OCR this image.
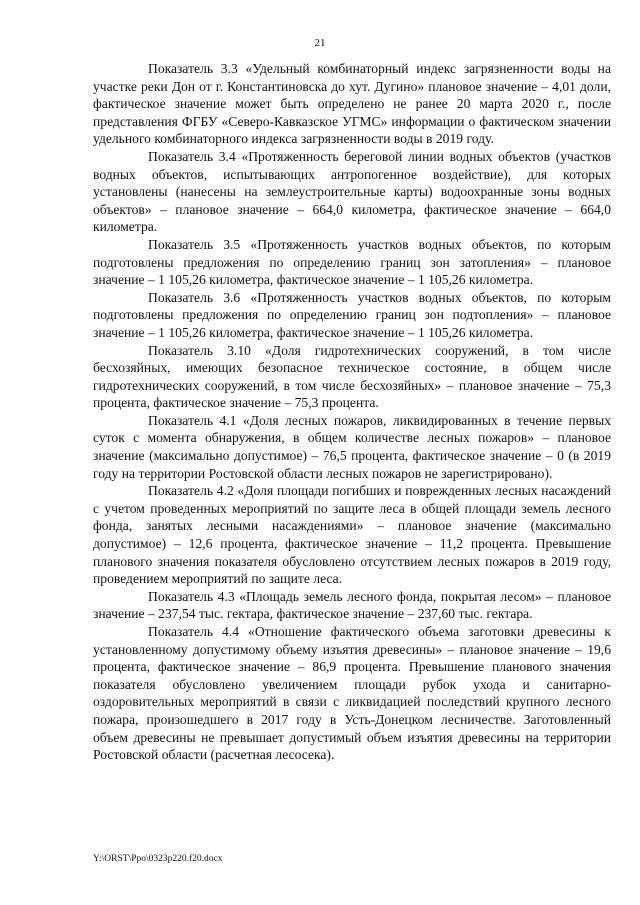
21

Показатель 3.3 «Удельный комбинаторный индекс загрязненности воды на участке реки Дон от г. Константиновска до хут. Дугино» плановое значение – 4,01 доли, фактическое значение может быть определено не ранее 20 марта 2020 г., после представления ФГБУ «Северо-Кавказское УГМС» информации о фактическом значении удельного комбинаторного индекса загрязненности воды в 2019 году.

Показатель 3.4 «Протяженность береговой линии водных объектов (участков водных объектов, испытывающих антропогенное воздействие), для которых установлены (нанесены на землеустроительные карты) водоохранные зоны водных объектов» – плановое значение – 664,0 километра, фактическое значение – 664,0 километра.

Показатель 3.5 «Протяженность участков водных объектов, по которым подготовлены предложения по определению границ зон затопления» – плановое значение – 1 105,26 километра, фактическое значение – 1 105,26 километра.

Показатель 3.6 «Протяженность участков водных объектов, по которым подготовлены предложения по определению границ зон подтопления» – плановое значение – 1 105,26 километра, фактическое значение – 1 105,26 километра.

Показатель 3.10 «Доля гидротехнических сооружений, в том числе бесхозяйных, имеющих безопасное техническое состояние, в общем числе гидротехнических сооружений, в том числе бесхозяйных» – плановое значение – 75,3 процента, фактическое значение – 75,3 процента.

Показатель 4.1 «Доля лесных пожаров, ликвидированных в течение первых суток с момента обнаружения, в общем количестве лесных пожаров» – плановое значение (максимально допустимое) – 76,5 процента, фактическое значение – 0 (в 2019 году на территории Ростовской области лесных пожаров не зарегистрировано).

Показатель 4.2 «Доля площади погибших и поврежденных лесных насаждений с учетом проведенных мероприятий по защите леса в общей площади земель лесного фонда, занятых лесными насаждениями» – плановое значение (максимально допустимое) – 12,6 процента, фактическое значение – 11,2 процента. Превышение планового значения показателя обусловлено отсутствием лесных пожаров в 2019 году, проведением мероприятий по защите леса.

Показатель 4.3 «Площадь земель лесного фонда, покрытая лесом» – плановое значение – 237,54 тыс. гектара, фактическое значение – 237,60 тыс. гектара.

Показатель 4.4 «Отношение фактического объема заготовки древесины к установленному допустимому объему изъятия древесины» – плановое значение – 19,6 процента, фактическое значение – 86,9 процента. Превышение планового значения показателя обусловлено увеличением площади рубок ухода и санитарно-оздоровительных мероприятий в связи с ликвидацией последствий крупного лесного пожара, произошедшего в 2017 году в Усть-Донецком лесничестве. Заготовленный объем древесины не превышает допустимый объем изъятия древесины на территории Ростовской области (расчетная лесосека).

Y:\ORST\Ppo\0323p220.f20.docx
